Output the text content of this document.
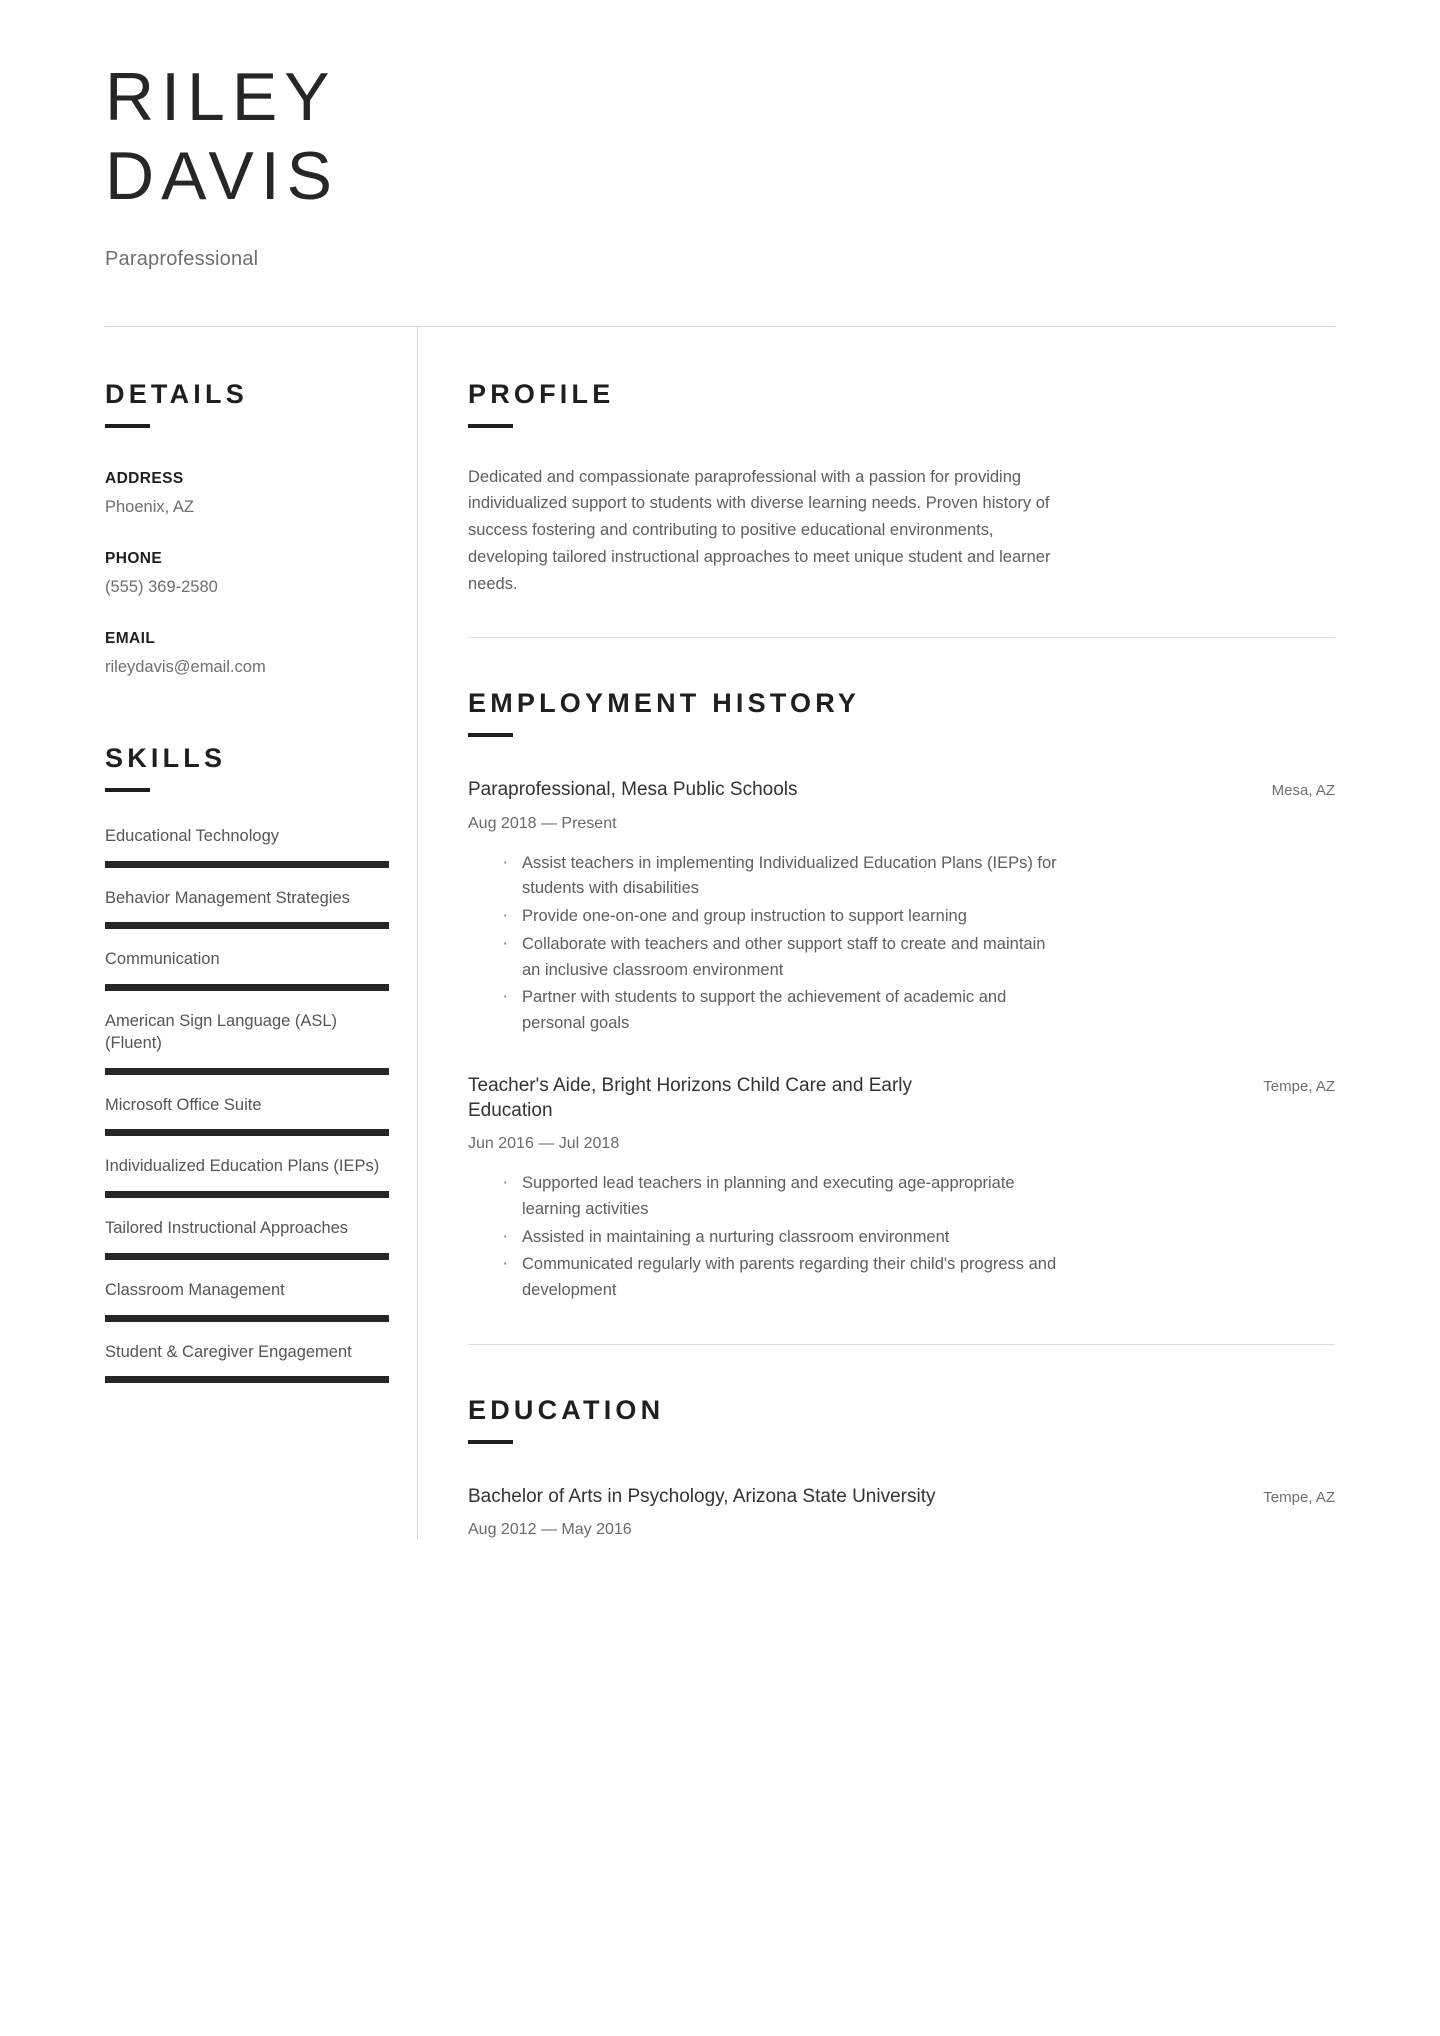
RILEY
DAVIS
Paraprofessional
DETAILS
ADDRESS
Phoenix, AZ
PHONE
(555) 369-2580
EMAIL
rileydavis@email.com
SKILLS
Educational Technology
Behavior Management Strategies
Communication
American Sign Language (ASL) (Fluent)
Microsoft Office Suite
Individualized Education Plans (IEPs)
Tailored Instructional Approaches
Classroom Management
Student & Caregiver Engagement
PROFILE

Dedicated and compassionate paraprofessional with a passion for providing individualized support to students with diverse learning needs. Proven history of success fostering and contributing to positive educational environments, developing tailored instructional approaches to meet unique student and learner needs.

EMPLOYMENT HISTORY
Paraprofessional, Mesa Public Schools	Mesa, AZ
Aug 2018 — Present
· Assist teachers in implementing Individualized Education Plans (IEPs) for students with disabilities
· Provide one-on-one and group instruction to support learning
· Collaborate with teachers and other support staff to create and maintain an inclusive classroom environment
· Partner with students to support the achievement of academic and personal goals
Teacher's Aide, Bright Horizons Child Care and Early Education
Tempe, AZ
Jun 2016 — Jul 2018
· Supported lead teachers in planning and executing age-appropriate learning activities
· Assisted in maintaining a nurturing classroom environment
· Communicated regularly with parents regarding their child's progress and development
EDUCATION
Bachelor of Arts in Psychology, Arizona State University	Tempe, AZ
Aug 2012 — May 2016
